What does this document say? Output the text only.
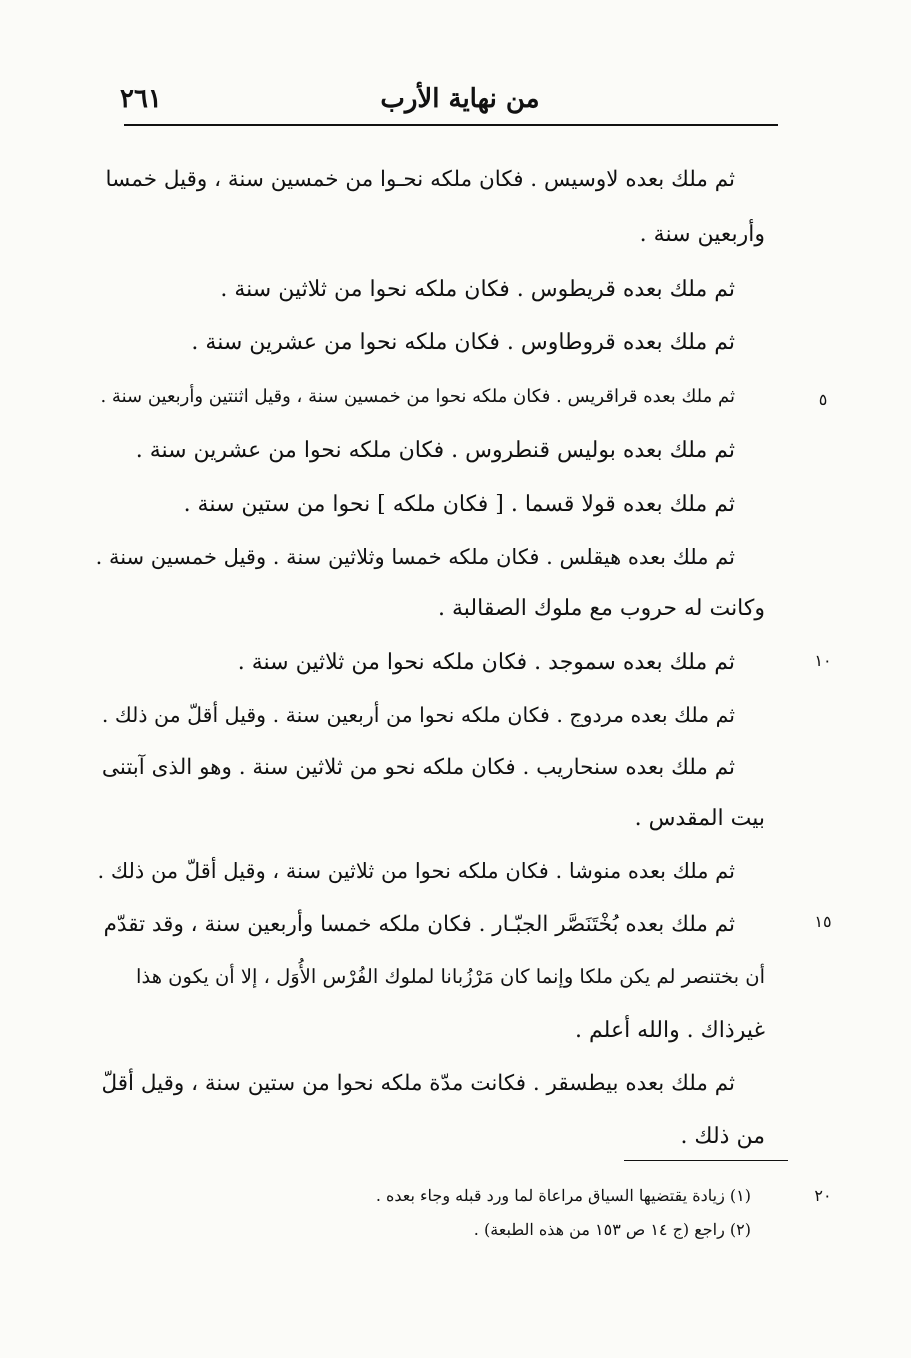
من نهاية الأرب
٢٦١
ثم ملك بعده لاوسيس . فكان ملكه نحـوا من خمسين سنة ، وقيل خمسا
وأربعين سنة .
ثم ملك بعده قريطوس . فكان ملكه نحوا من ثلاثين سنة .
ثم ملك بعده قروطاوس . فكان ملكه نحوا من عشرين سنة .
ثم ملك بعده قراقريس . فكان ملكه نحوا من خمسين سنة ، وقيل اثنتين وأربعين سنة .
ثم ملك بعده بوليس قنطروس . فكان ملكه نحوا من عشرين سنة .
ثم ملك بعده قولا قسما . [ فكان ملكه ] نحوا من ستين سنة .
ثم ملك بعده هيقلس . فكان ملكه خمسا وثلاثين سنة . وقيل خمسين سنة .
وكانت له حروب مع ملوك الصقالبة .
ثم ملك بعده سموجد . فكان ملكه نحوا من ثلاثين سنة .
ثم ملك بعده مردوج . فكان ملكه نحوا من أربعين سنة . وقيل أقلّ من ذلك .
ثم ملك بعده سنحاريب . فكان ملكه نحو من ثلاثين سنة . وهو الذى آبتنى
بيت المقدس .
ثم ملك بعده منوشا . فكان ملكه نحوا من ثلاثين سنة ، وقيل أقلّ من ذلك .
ثم ملك بعده بُخْتَنَصَّر الجبّـار . فكان ملكه خمسا وأربعين سنة ، وقد تقدّم
أن بختنصر لم يكن ملكا وإنما كان مَرْزُبانا لملوك الفُرْس الأُوَل ، إلا أن يكون هذا
غيرذاك . والله أعلم .
ثم ملك بعده بيطسقر . فكانت مدّة ملكه نحوا من ستين سنة ، وقيل أقلّ
من ذلك .
٥
١٠
١٥
٢٠
(١) زيادة يقتضيها السياق مراعاة لما ورد قبله وجاء بعده .
(٢) راجع (ج ١٤ ص ١٥٣ من هذه الطبعة) .
